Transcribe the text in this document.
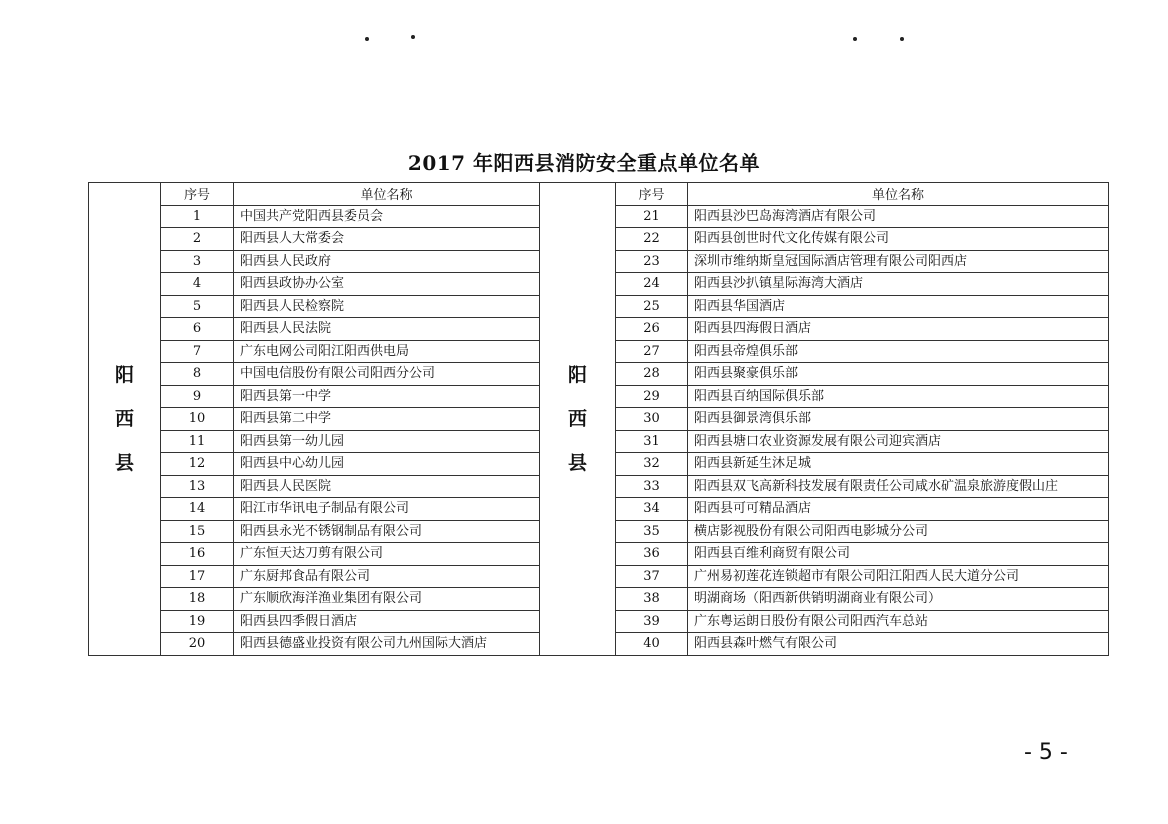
2017 年阳西县消防安全重点单位名单
阳西县	序号	单位名称	阳西县	序号	单位名称
	1	中国共产党阳西县委员会		21	阳西县沙巴岛海湾酒店有限公司
	2	阳西县人大常委会		22	阳西县创世时代文化传媒有限公司
	3	阳西县人民政府		23	深圳市维纳斯皇冠国际酒店管理有限公司阳西店
	4	阳西县政协办公室		24	阳西县沙扒镇星际海湾大酒店
	5	阳西县人民检察院		25	阳西县华国酒店
	6	阳西县人民法院		26	阳西县四海假日酒店
	7	广东电网公司阳江阳西供电局		27	阳西县帝煌俱乐部
	8	中国电信股份有限公司阳西分公司		28	阳西县聚豪俱乐部
	9	阳西县第一中学		29	阳西县百纳国际俱乐部
	10	阳西县第二中学		30	阳西县御景湾俱乐部
	11	阳西县第一幼儿园		31	阳西县塘口农业资源发展有限公司迎宾酒店
	12	阳西县中心幼儿园		32	阳西县新延生沐足城
	13	阳西县人民医院		33	阳西县双飞高新科技发展有限责任公司咸水矿温泉旅游度假山庄
	14	阳江市华讯电子制品有限公司		34	阳西县可可精品酒店
	15	阳西县永光不锈钢制品有限公司		35	横店影视股份有限公司阳西电影城分公司
	16	广东恒天达刀剪有限公司		36	阳西县百维利商贸有限公司
	17	广东厨邦食品有限公司		37	广州易初莲花连锁超市有限公司阳江阳西人民大道分公司
	18	广东顺欣海洋渔业集团有限公司		38	明湖商场（阳西新供销明湖商业有限公司）
	19	阳西县四季假日酒店		39	广东粤运朗日股份有限公司阳西汽车总站
	20	阳西县德盛业投资有限公司九州国际大酒店		40	阳西县森叶燃气有限公司
- 5 -
